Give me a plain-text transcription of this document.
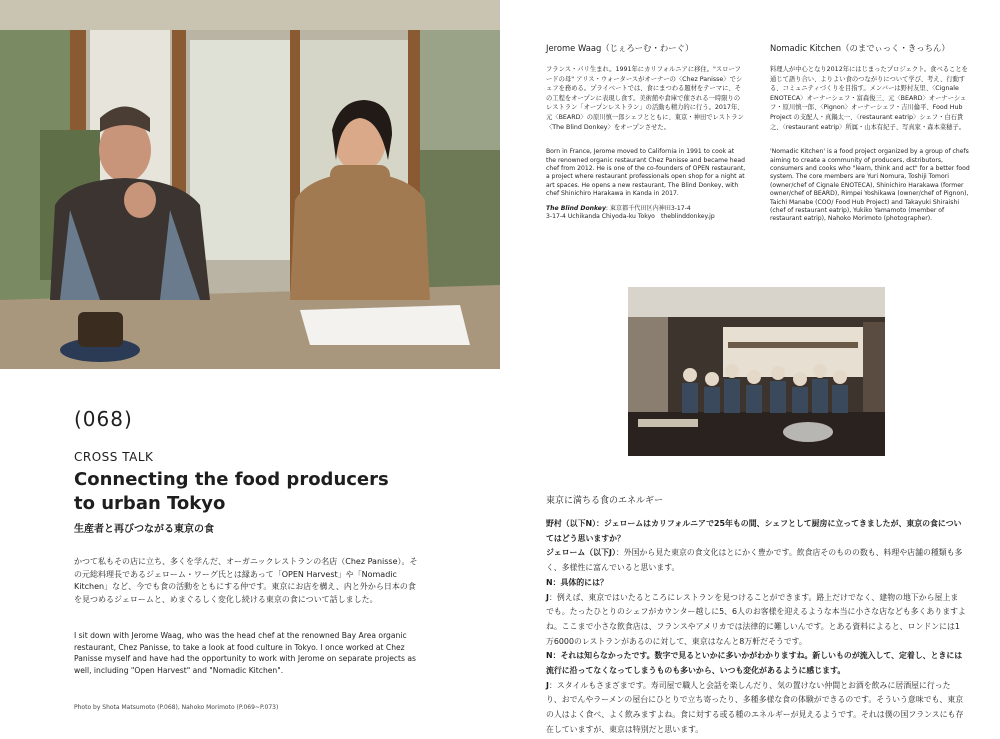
(068)
CROSS TALK
Connecting the food producers to urban Tokyo
生産者と再びつながる東京の食
かつて私もその店に立ち、多くを学んだ、オーガニックレストランの名店（Chez Panisse）。その元総料理長であるジェローム・ワーグ氏とは縁あって「OPEN Harvest」や「Nomadic Kitchen」など、今でも食の活動をともにする仲です。東京にお店を構え、内と外から日本の食を見つめるジェロームと、めまぐるしく変化し続ける東京の食について話しました。
I sit down with Jerome Waag, who was the head chef at the renowned Bay Area organic restaurant, Chez Panisse, to take a look at food culture in Tokyo. I once worked at Chez Panisse myself and have had the opportunity to work with Jerome on separate projects as well, including "Open Harvest" and "Nomadic Kitchen".
Photo by Shota Matsumoto (P.068), Nahoko Morimoto (P.069~P.073)
Jerome Waag（じぇろーむ・わーぐ）
フランス・パリ生まれ。1991年にカリフォルニアに移住。"スローフードの母" アリス・ウォータースがオーナーの〈Chez Panisse〉でシェフを務める。プライベートでは、食にまつわる題材をテーマに、その工程をオープンに表現し食す。美術館や倉庫で催される一時限りのレストラン「オープンレストラン」の活動も精力的に行う。2017年、元〈BEARD〉の原川慎一郎シェフとともに、東京・神田でレストラン〈The Blind Donkey〉をオープンさせた。
Born in France, Jerome moved to California in 1991 to cook at the renowned organic restaurant Chez Panisse and became head chef from 2012. He is one of the co-founders of OPEN restaurant, a project where restaurant professionals open shop for a night at art spaces. He opens a new restaurant, The Blind Donkey, with chef Shinichiro Harakawa in Kanda in 2017.
The Blind Donkey: 東京都千代田区内神田3-17-4
3-17-4 Uchikanda Chiyoda-ku Tokyo　theblinddonkey.jp
Nomadic Kitchen（のまでぃっく・きっちん）
料理人が中心となり2012年にはじまったプロジェクト。食べることを通じて語り合い、よりよい食のつながりについて学び、考え、行動する、コミュニティづくりを目指す。メンバーは野村友里、〈Cignale ENOTECA〉オーナーシェフ・富森俊三、元〈BEARD〉オーナーシェフ・原川慎一郎、〈Pignon〉オーナーシェフ・吉川倫平、Food Hub Project の支配人・真鍋太一、〈restaurant eatrip〉シェフ・白石貴之、〈restaurant eatrip〉所属・山本有紀子、写真家・森本菜穂子。
'Nomadic Kitchen' is a food project organized by a group of chefs aiming to create a community of producers, distributors, consumers and cooks who "learn, think and act" for a better food system. The core members are Yuri Nomura, Toshiji Tomori (owner/chef of Cignale ENOTECA), Shinichiro Harakawa (former owner/chef of BEARD), Rimpei Yoshikawa (owner/chef of Pignon), Taichi Manabe (COO/ Food Hub Project) and Takayuki Shiraishi (chef of restaurant eatrip), Yukiko Yamamoto (member of restaurant eatrip), Nahoko Morimoto (photographer).
東京に満ちる食のエネルギー

野村（以下N）：ジェロームはカリフォルニアで25年もの間、シェフとして厨房に立ってきましたが、東京の食についてはどう思いますか？

ジェローム（以下J）：外国から見た東京の食文化はとにかく豊かです。飲食店そのものの数も、料理や店舗の種類も多く、多様性に富んでいると思います。

N：具体的には？

J：例えば、東京ではいたるところにレストランを見つけることができます。路上だけでなく、建物の地下から屋上までも。たったひとりのシェフがカウンター越しに5、6人のお客様を迎えるような本当に小さな店なども多くありますよね。ここまで小さな飲食店は、フランスやアメリカでは法律的に難しいんです。とある資料によると、ロンドンには1万6000のレストランがあるのに対して、東京はなんと8万軒だそうです。

N：それは知らなかったです。数字で見るといかに多いかがわかりますね。新しいものが流入して、定着し、ときには流行に沿ってなくなってしまうものも多いから、いつも変化があるように感じます。

J：スタイルもさまざまです。寿司屋で職人と会話を楽しんだり、気の置けない仲間とお酒を飲みに居酒屋に行ったり、おでんやラーメンの屋台にひとりで立ち寄ったり、多種多様な食の体験ができるのです。そういう意味でも、東京の人はよく食べ、よく飲みますよね。食に対する或る種のエネルギーが見えるようです。それは僕の国フランスにも存在していますが、東京は特別だと思います。
